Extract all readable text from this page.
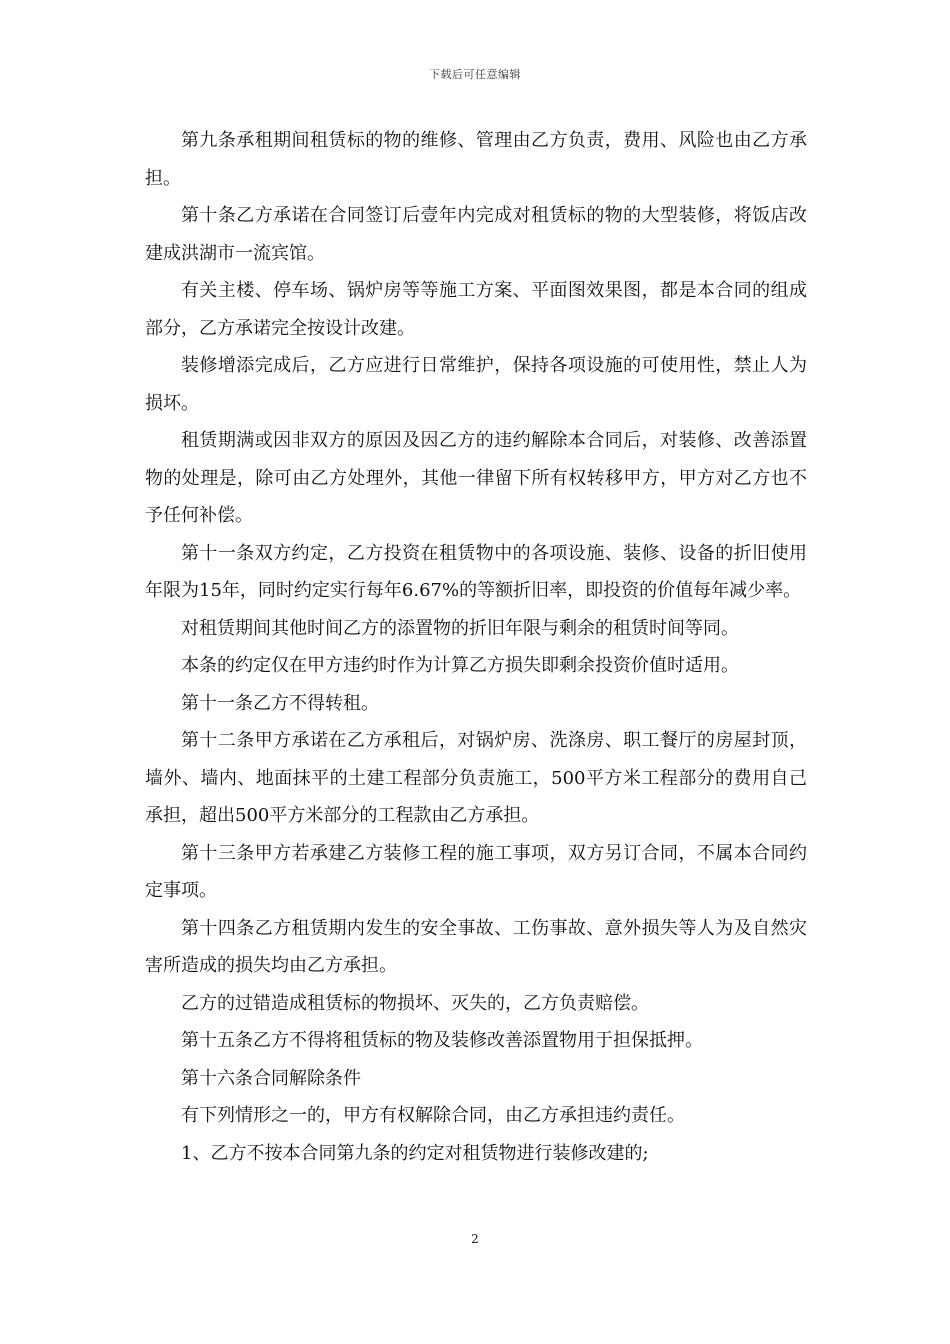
下载后可任意编辑

第九条承租期间租赁标的物的维修、管理由乙方负责，费用、风险也由乙方承担。

第十条乙方承诺在合同签订后壹年内完成对租赁标的物的大型装修，将饭店改建成洪湖市一流宾馆。

有关主楼、停车场、锅炉房等等施工方案、平面图效果图，都是本合同的组成部分，乙方承诺完全按设计改建。

装修增添完成后，乙方应进行日常维护，保持各项设施的可使用性，禁止人为损坏。

租赁期满或因非双方的原因及因乙方的违约解除本合同后，对装修、改善添置物的处理是，除可由乙方处理外，其他一律留下所有权转移甲方，甲方对乙方也不予任何补偿。

第十一条双方约定，乙方投资在租赁物中的各项设施、装修、设备的折旧使用年限为15年，同时约定实行每年6.67%的等额折旧率，即投资的价值每年减少率。

对租赁期间其他时间乙方的添置物的折旧年限与剩余的租赁时间等同。

本条的约定仅在甲方违约时作为计算乙方损失即剩余投资价值时适用。

第十一条乙方不得转租。

第十二条甲方承诺在乙方承租后，对锅炉房、洗涤房、职工餐厅的房屋封顶，墙外、墙内、地面抹平的土建工程部分负责施工，500平方米工程部分的费用自己承担，超出500平方米部分的工程款由乙方承担。

第十三条甲方若承建乙方装修工程的施工事项，双方另订合同，不属本合同约定事项。

第十四条乙方租赁期内发生的安全事故、工伤事故、意外损失等人为及自然灾害所造成的损失均由乙方承担。

乙方的过错造成租赁标的物损坏、灭失的，乙方负责赔偿。

第十五条乙方不得将租赁标的物及装修改善添置物用于担保抵押。

第十六条合同解除条件

有下列情形之一的，甲方有权解除合同，由乙方承担违约责任。

1、乙方不按本合同第九条的约定对租赁物进行装修改建的;

2
